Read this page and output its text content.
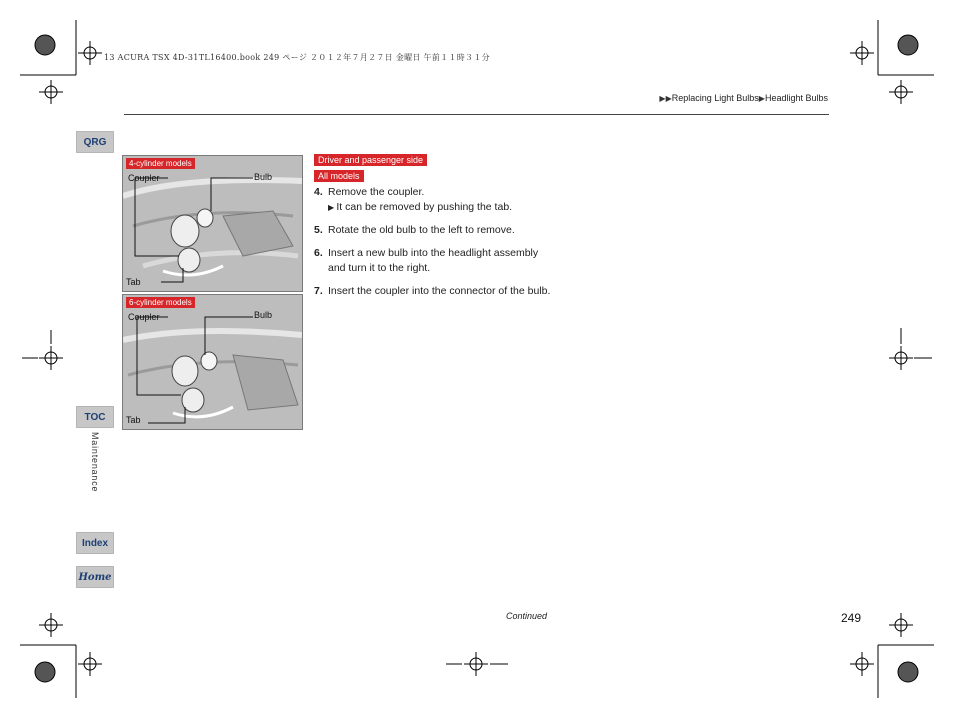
13 ACURA TSX 4D-31TL16400.book 249 ページ ２０１２年７月２７日 金曜日 午前１１時３１分
▶▶Replacing Light Bulbs▶Headlight Bulbs
QRG
TOC
Maintenance
Index
Home
4-cylinder models
Coupler	Bulb
Tab
6-cylinder models
Coupler	Bulb
Tab
Driver and passenger side
All models
4. Remove the coupler.
▶ It can be removed by pushing the tab.
5. Rotate the old bulb to the left to remove.
6. Insert a new bulb into the headlight assembly and turn it to the right.
7. Insert the coupler into the connector of the bulb.
Continued	249
